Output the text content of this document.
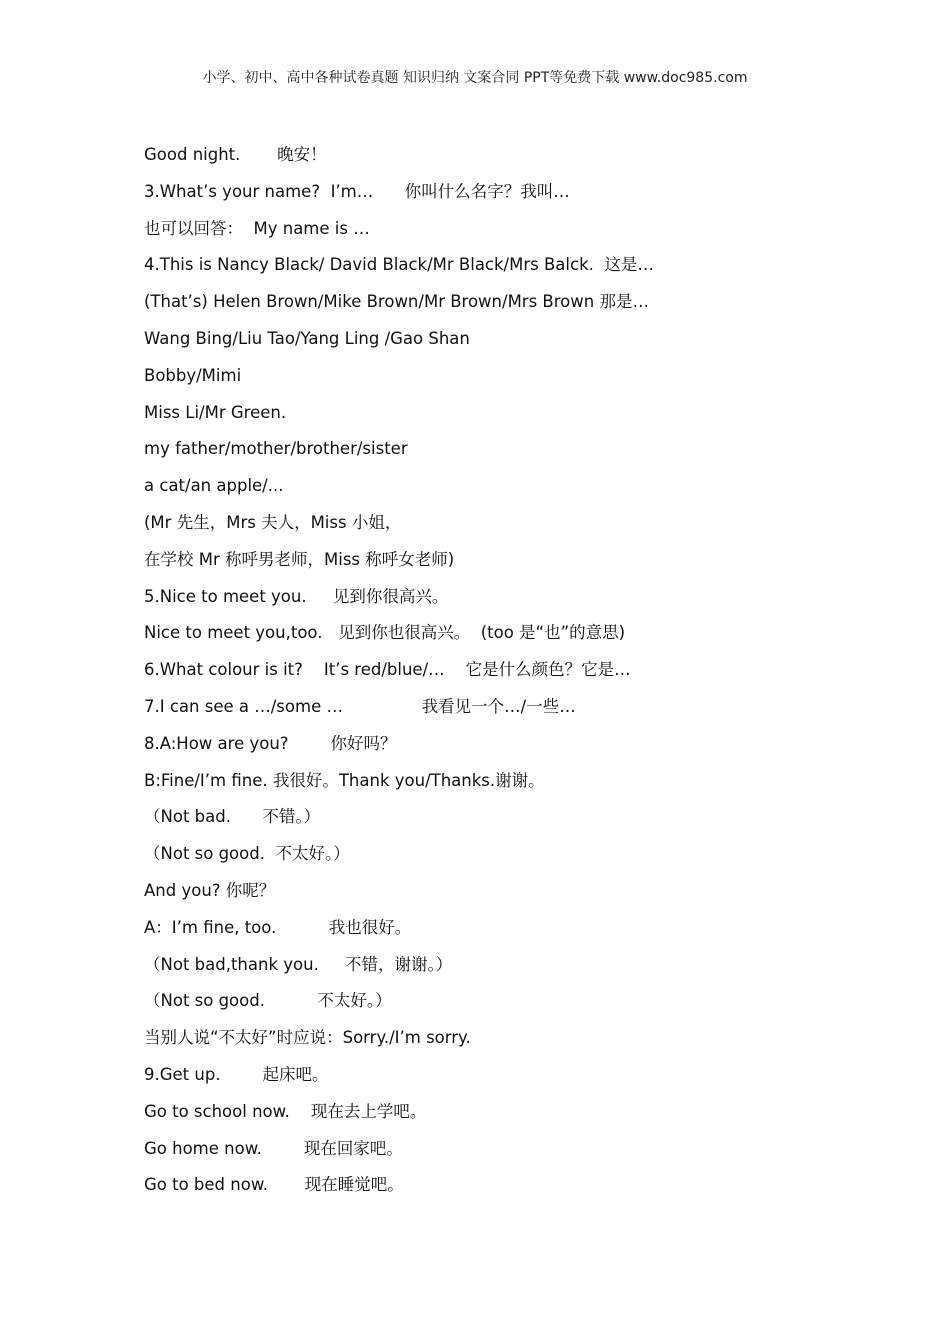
小学、初中、高中各种试卷真题 知识归纳 文案合同 PPT等免费下载 www.doc985.com
Good night.       晚安！
3.What’s your name?  I’m…      你叫什么名字？我叫…
也可以回答：  My name is …
4.This is Nancy Black/ David Black/Mr Black/Mrs Balck.  这是…
(That’s) Helen Brown/Mike Brown/Mr Brown/Mrs Brown 那是…
Wang Bing/Liu Tao/Yang Ling /Gao Shan
Bobby/Mimi
Miss Li/Mr Green.
my father/mother/brother/sister
a cat/an apple/...
(Mr 先生，Mrs 夫人，Miss 小姐，
在学校 Mr 称呼男老师，Miss 称呼女老师)
5.Nice to meet you.     见到你很高兴。
Nice to meet you,too.   见到你也很高兴。  (too 是“也”的意思)
6.What colour is it?    It’s red/blue/…    它是什么颜色？它是…
7.I can see a …/some …               我看见一个…/一些…
8.A:How are you?        你好吗？
B:Fine/I’m fine. 我很好。Thank you/Thanks.谢谢。
（Not bad.      不错。）
（Not so good.  不太好。）
And you? 你呢？
A：I’m fine, too.          我也很好。
（Not bad,thank you.     不错，谢谢。）
（Not so good.          不太好。）
当别人说“不太好”时应说：Sorry./I’m sorry.
9.Get up.        起床吧。
Go to school now.    现在去上学吧。
Go home now.        现在回家吧。
Go to bed now.       现在睡觉吧。
